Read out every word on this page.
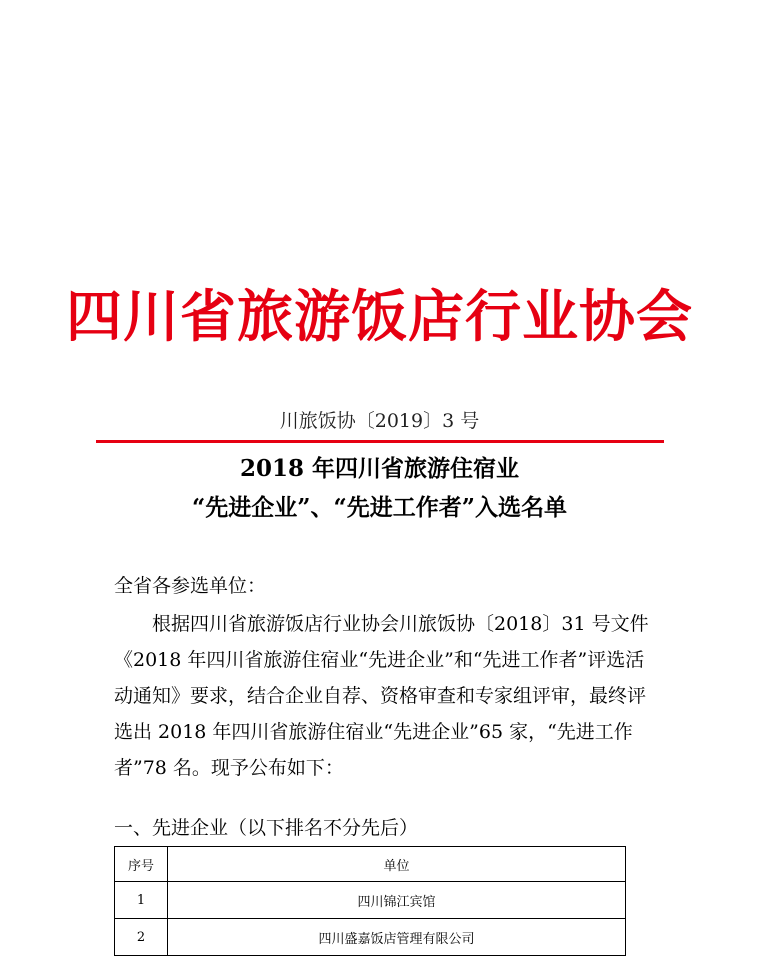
四川省旅游饭店行业协会
川旅饭协〔2019〕3 号
2018 年四川省旅游住宿业
“先进企业”、“先进工作者”入选名单

全省各参选单位：

根据四川省旅游饭店行业协会川旅饭协〔2018〕31 号文件《2018 年四川省旅游住宿业“先进企业”和“先进工作者”评选活动通知》要求，结合企业自荐、资格审查和专家组评审，最终评选出 2018 年四川省旅游住宿业“先进企业”65 家，“先进工作者”78 名。现予公布如下：

一、先进企业（以下排名不分先后）

序号	单位
1	四川锦江宾馆
2	四川盛嘉饭店管理有限公司
